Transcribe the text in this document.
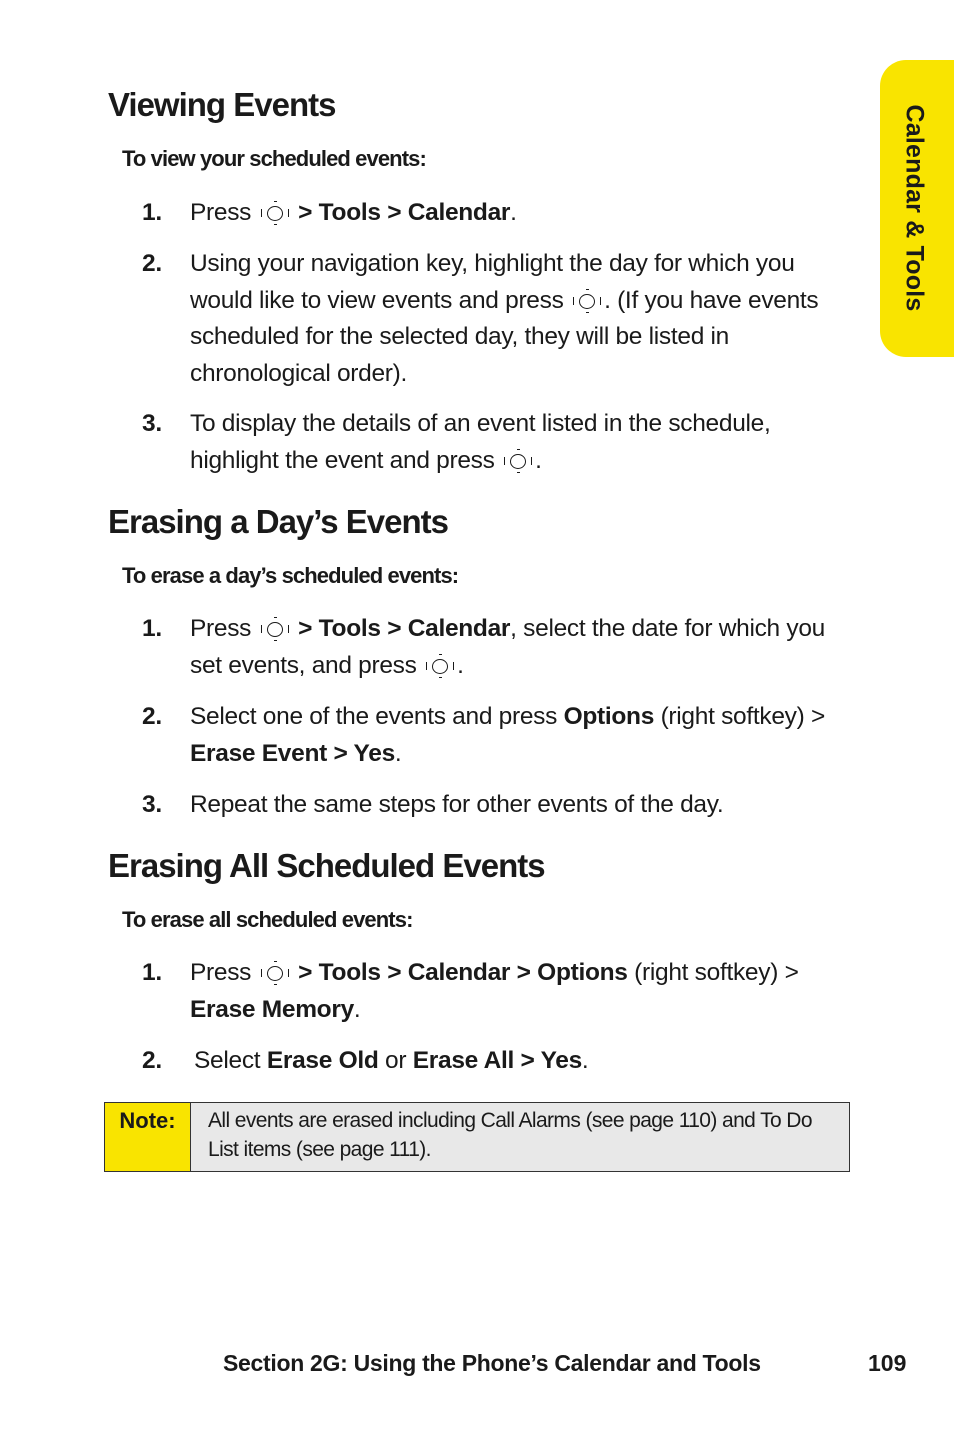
Calendar & Tools
Viewing Events

To view your scheduled events:

1. Press > Tools > Calendar.
2. Using your navigation key, highlight the day for which you would like to view events and press . (If you have events scheduled for the selected day, they will be listed in chronological order).
3. To display the details of an event listed in the schedule, highlight the event and press .
Erasing a Day’s Events

To erase a day’s scheduled events:

1. Press > Tools > Calendar, select the date for which you set events, and press .
2. Select one of the events and press Options (right softkey) > Erase Event > Yes.
3. Repeat the same steps for other events of the day.
Erasing All Scheduled Events

To erase all scheduled events:

1. Press > Tools > Calendar > Options (right softkey) > Erase Memory.
2. Select Erase Old or Erase All > Yes.
Note:	All events are erased including Call Alarms (see page 110) and To Do List items (see page 111).
Section 2G: Using the Phone’s Calendar and Tools	109
